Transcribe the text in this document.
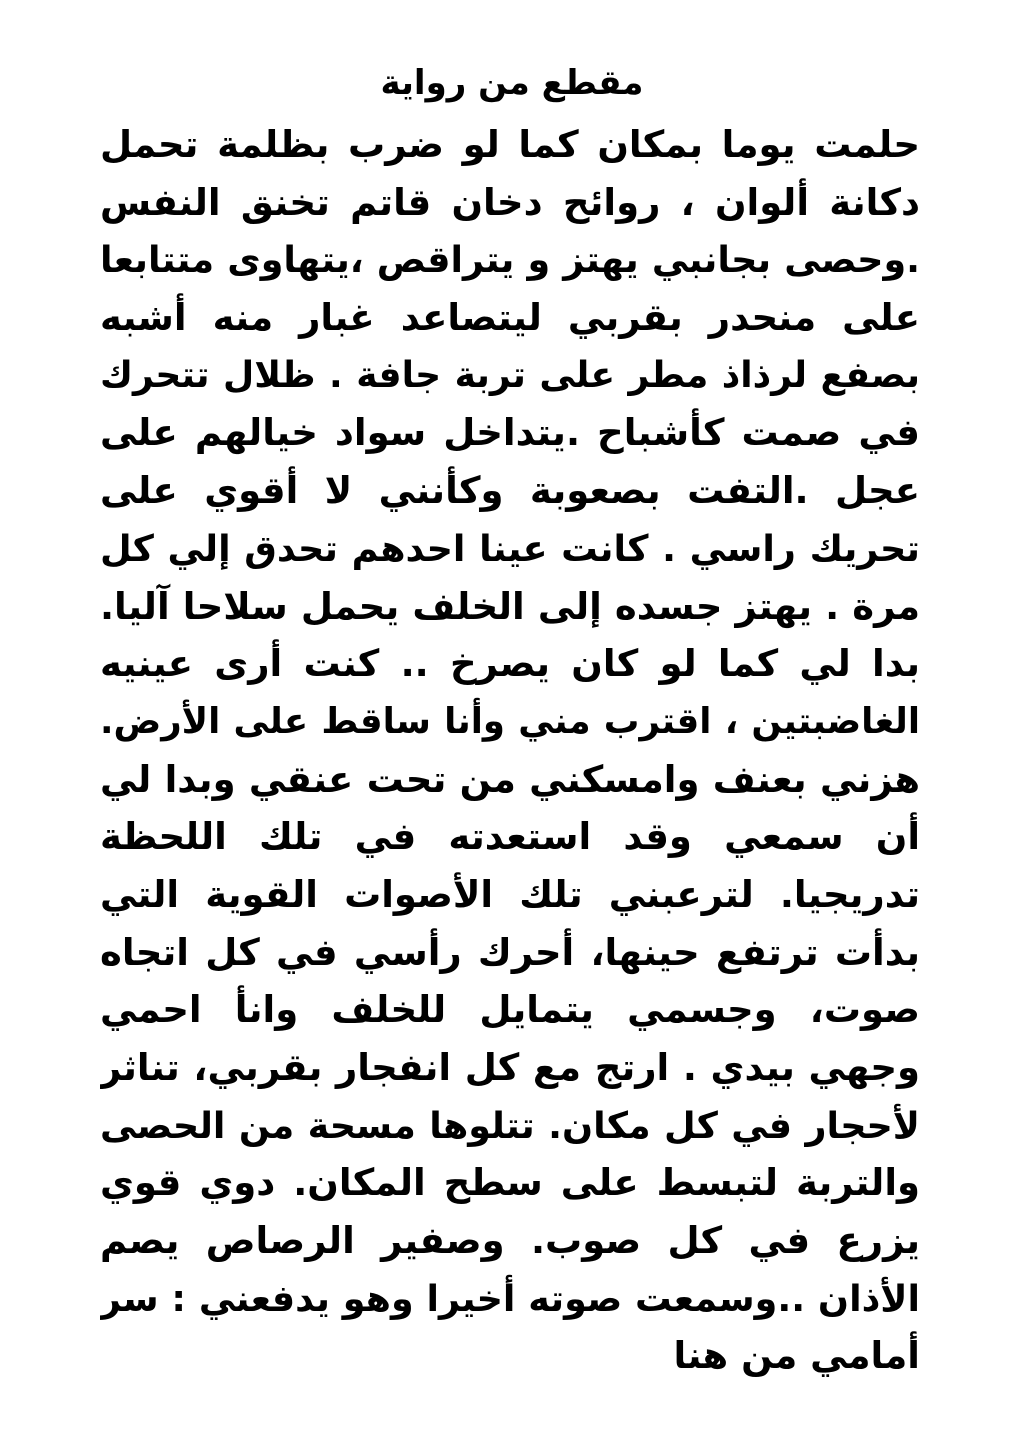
مقطع من رواية
حلمت يوما بمكان كما لو ضرب بظلمة تحمل
دكانة ألوان ، روائح دخان قاتم تخنق النفس
.وحصى بجانبي يهتز و يتراقص ،يتهاوى متتابعا
على منحدر بقربي ليتصاعد غبار منه أشبه
بصفع لرذاذ مطر على تربة جافة . ظلال تتحرك
في صمت كأشباح .يتداخل سواد خيالهم على
عجل .التفت بصعوبة وكأنني لا أقوي على
تحريك راسي . كانت عينا احدهم تحدق إلي كل
مرة . يهتز جسده إلى الخلف يحمل سلاحا آليا.
بدا لي كما لو كان يصرخ .. كنت أرى عينيه
الغاضبتين ، اقترب مني وأنا ساقط على الأرض.
هزني بعنف وامسكني من تحت عنقي وبدا لي
أن سمعي وقد استعدته في تلك اللحظة
تدريجيا. لترعبني تلك الأصوات القوية التي
بدأت ترتفع حينها، أحرك رأسي في كل اتجاه
صوت، وجسمي يتمايل للخلف وانأ احمي
وجهي بيدي . ارتج مع كل انفجار بقربي، تناثر
لأحجار في كل مكان. تتلوها مسحة من الحصى
والتربة لتبسط على سطح المكان. دوي قوي
يزرع في كل صوب. وصفير الرصاص يصم
الأذان ..وسمعت صوته أخيرا وهو يدفعني : سر
أمامي من هنا
